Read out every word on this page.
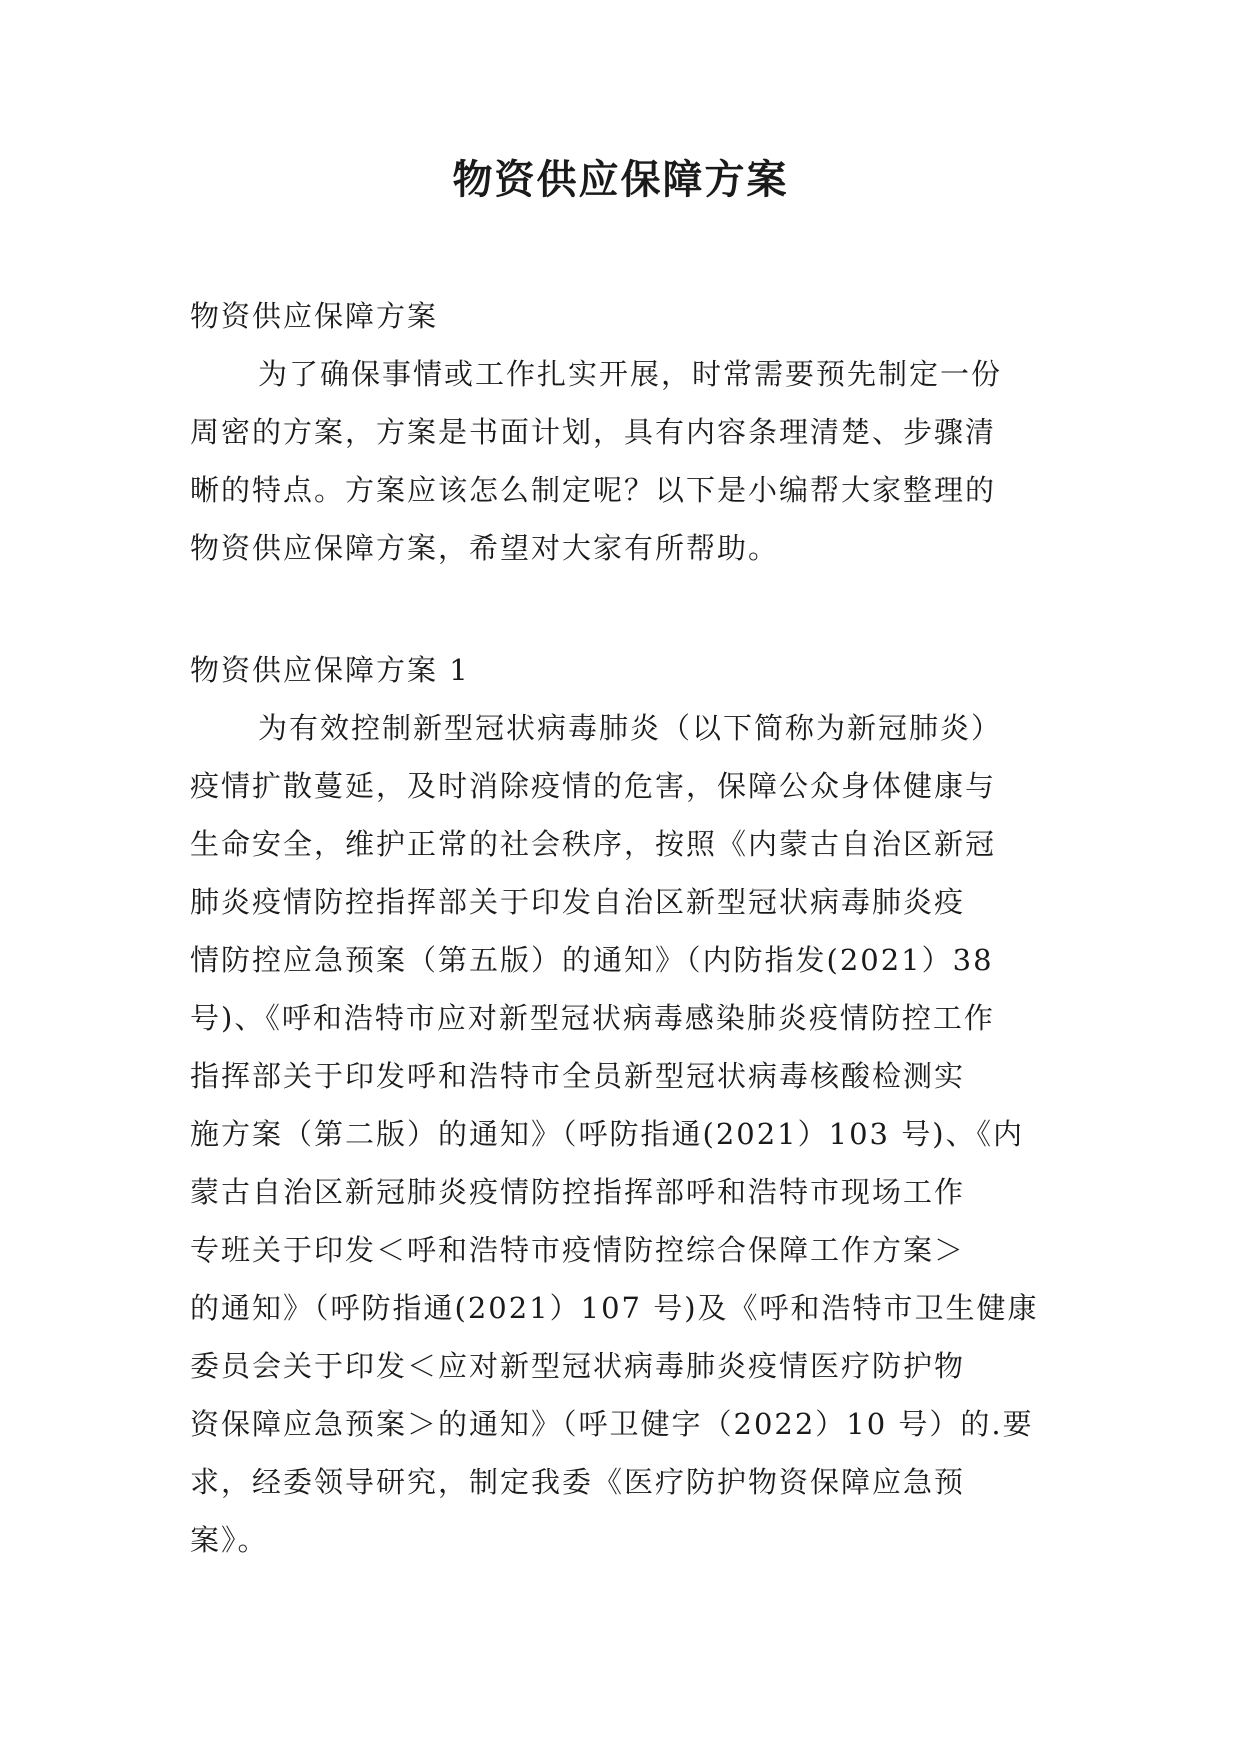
物资供应保障方案
物资供应保障方案
为了确保事情或工作扎实开展，时常需要预先制定一份
周密的方案，方案是书面计划，具有内容条理清楚、步骤清
晰的特点。方案应该怎么制定呢？以下是小编帮大家整理的
物资供应保障方案，希望对大家有所帮助。
物资供应保障方案 1
为有效控制新型冠状病毒肺炎（以下简称为新冠肺炎）
疫情扩散蔓延，及时消除疫情的危害，保障公众身体健康与
生命安全，维护正常的社会秩序，按照《内蒙古自治区新冠
肺炎疫情防控指挥部关于印发自治区新型冠状病毒肺炎疫
情防控应急预案（第五版）的通知》（内防指发(2021）38
号)、《呼和浩特市应对新型冠状病毒感染肺炎疫情防控工作
指挥部关于印发呼和浩特市全员新型冠状病毒核酸检测实
施方案（第二版）的通知》（呼防指通(2021）103 号)、《内
蒙古自治区新冠肺炎疫情防控指挥部呼和浩特市现场工作
专班关于印发＜呼和浩特市疫情防控综合保障工作方案＞
的通知》（呼防指通(2021）107 号)及《呼和浩特市卫生健康
委员会关于印发＜应对新型冠状病毒肺炎疫情医疗防护物
资保障应急预案＞的通知》（呼卫健字（2022）10 号）的.要
求，经委领导研究，制定我委《医疗防护物资保障应急预
案》。
